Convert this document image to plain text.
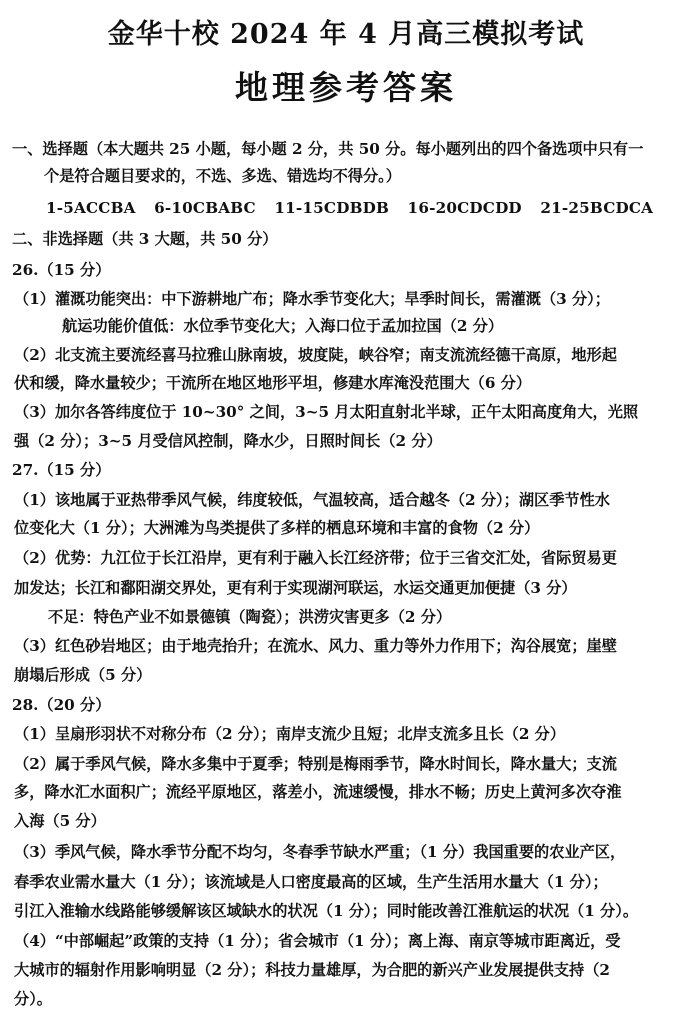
金华十校 2024 年 4 月高三模拟考试
地理参考答案
一、选择题（本大题共 25 小题，每小题 2 分，共 50 分。每小题列出的四个备选项中只有一
个是符合题目要求的，不选、多选、错选均不得分。）
1-5ACCBA 6-10CBABC 11-15CDBDB 16-20CDCDD 21-25BCDCA
二、非选择题（共 3 大题，共 50 分）
26.（15 分）
（1）灌溉功能突出：中下游耕地广布；降水季节变化大；旱季时间长，需灌溉（3 分）；
航运功能价值低：水位季节变化大；入海口位于孟加拉国（2 分）
（2）北支流主要流经喜马拉雅山脉南坡，坡度陡，峡谷窄；南支流流经德干高原，地形起
伏和缓，降水量较少；干流所在地区地形平坦，修建水库淹没范围大（6 分）
（3）加尔各答纬度位于 10~30° 之间，3~5 月太阳直射北半球，正午太阳高度角大，光照
强（2 分）；3~5 月受信风控制，降水少，日照时间长（2 分）
27.（15 分）
（1）该地属于亚热带季风气候，纬度较低，气温较高，适合越冬（2 分）；湖区季节性水
位变化大（1 分）；大洲滩为鸟类提供了多样的栖息环境和丰富的食物（2 分）
（2）优势：九江位于长江沿岸，更有利于融入长江经济带；位于三省交汇处，省际贸易更
加发达；长江和鄱阳湖交界处，更有利于实现湖河联运，水运交通更加便捷（3 分）
不足：特色产业不如景德镇（陶瓷）；洪涝灾害更多（2 分）
（3）红色砂岩地区；由于地壳抬升；在流水、风力、重力等外力作用下；沟谷展宽；崖壁
崩塌后形成（5 分）
28.（20 分）
（1）呈扇形羽状不对称分布（2 分）；南岸支流少且短；北岸支流多且长（2 分）
（2）属于季风气候，降水多集中于夏季；特别是梅雨季节，降水时间长，降水量大；支流
多，降水汇水面积广；流经平原地区，落差小，流速缓慢，排水不畅；历史上黄河多次夺淮
入海（5 分）
（3）季风气候，降水季节分配不均匀，冬春季节缺水严重；（1 分）我国重要的农业产区，
春季农业需水量大（1 分）；该流域是人口密度最高的区域，生产生活用水量大（1 分）；
引江入淮输水线路能够缓解该区域缺水的状况（1 分）；同时能改善江淮航运的状况（1 分）。
（4）“中部崛起”政策的支持（1 分）；省会城市（1 分）；离上海、南京等城市距离近，受
大城市的辐射作用影响明显（2 分）；科技力量雄厚，为合肥的新兴产业发展提供支持（2
分）。
